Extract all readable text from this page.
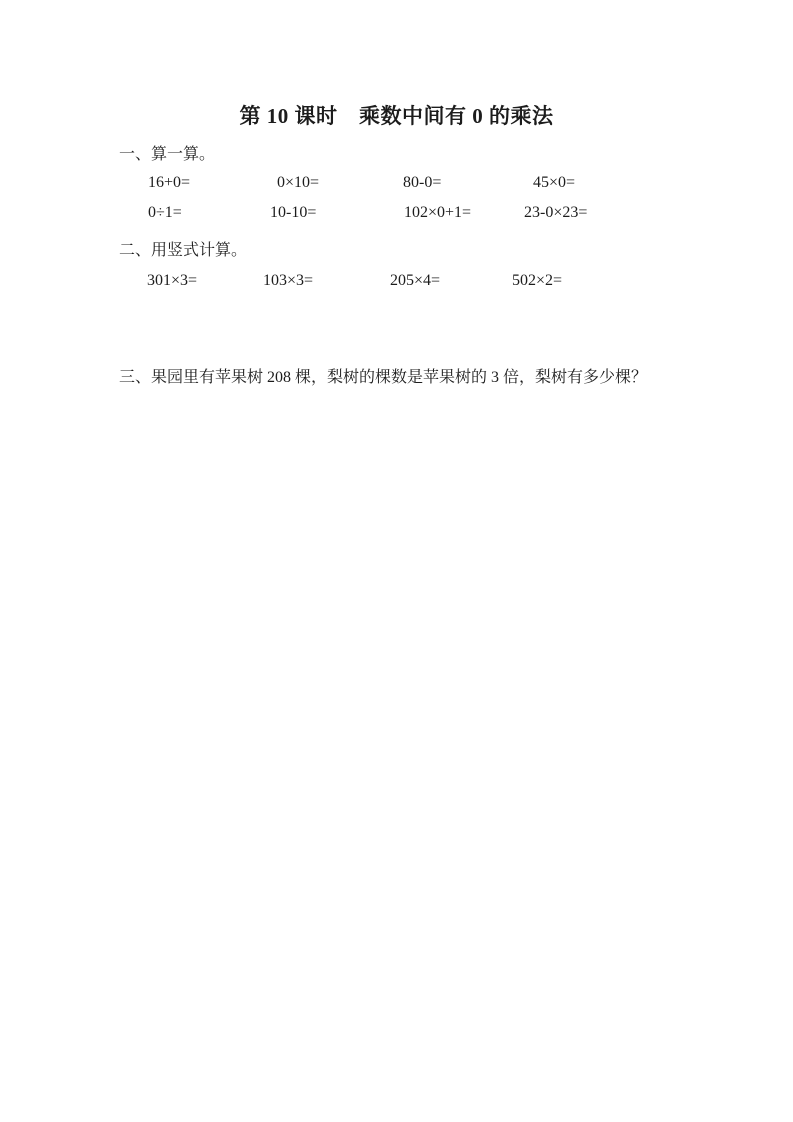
第 10 课时　乘数中间有 0 的乘法
一、算一算。
16+0=	0×10=	80-0=	45×0=
0÷1=	10-10=	102×0+1=	23-0×23=
二、用竖式计算。
301×3=	103×3=	205×4=	502×2=
三、果园里有苹果树 208 棵，梨树的棵数是苹果树的 3 倍，梨树有多少棵？
